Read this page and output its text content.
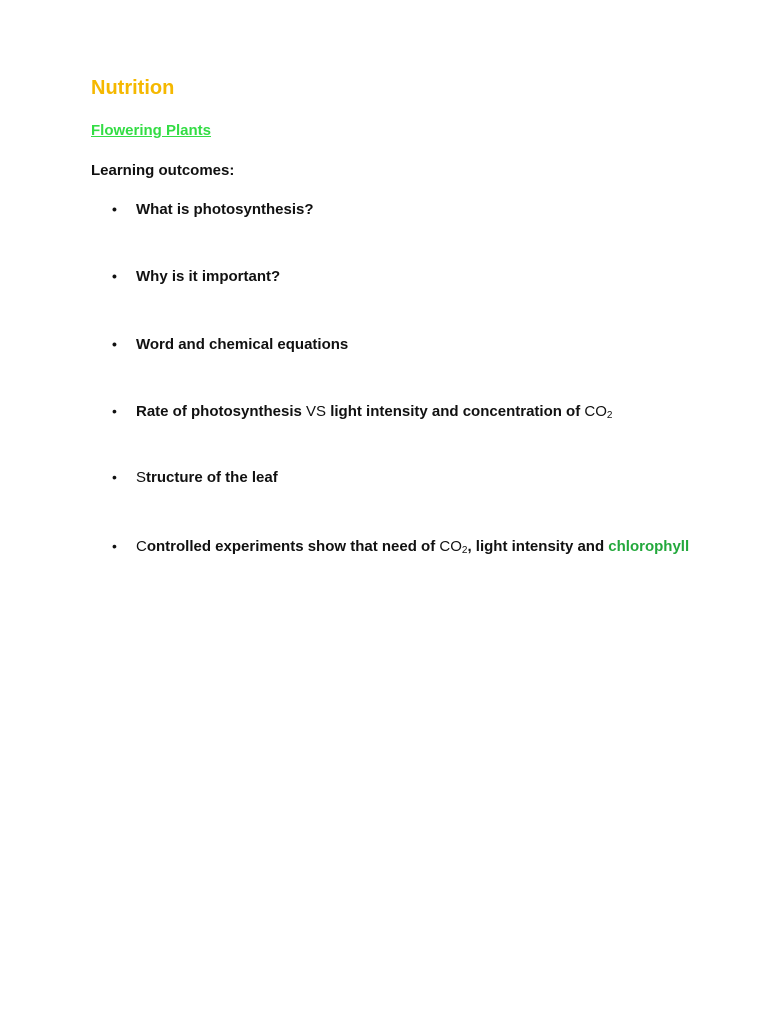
Nutrition
Flowering Plants

Learning outcomes:

• What is photosynthesis?
• Why is it important?
• Word and chemical equations
• Rate of photosynthesis VS light intensity and concentration of $CO_2$
• Structure of the leaf
• Controlled experiments show that need of $CO_2$, light intensity and chlorophyll
